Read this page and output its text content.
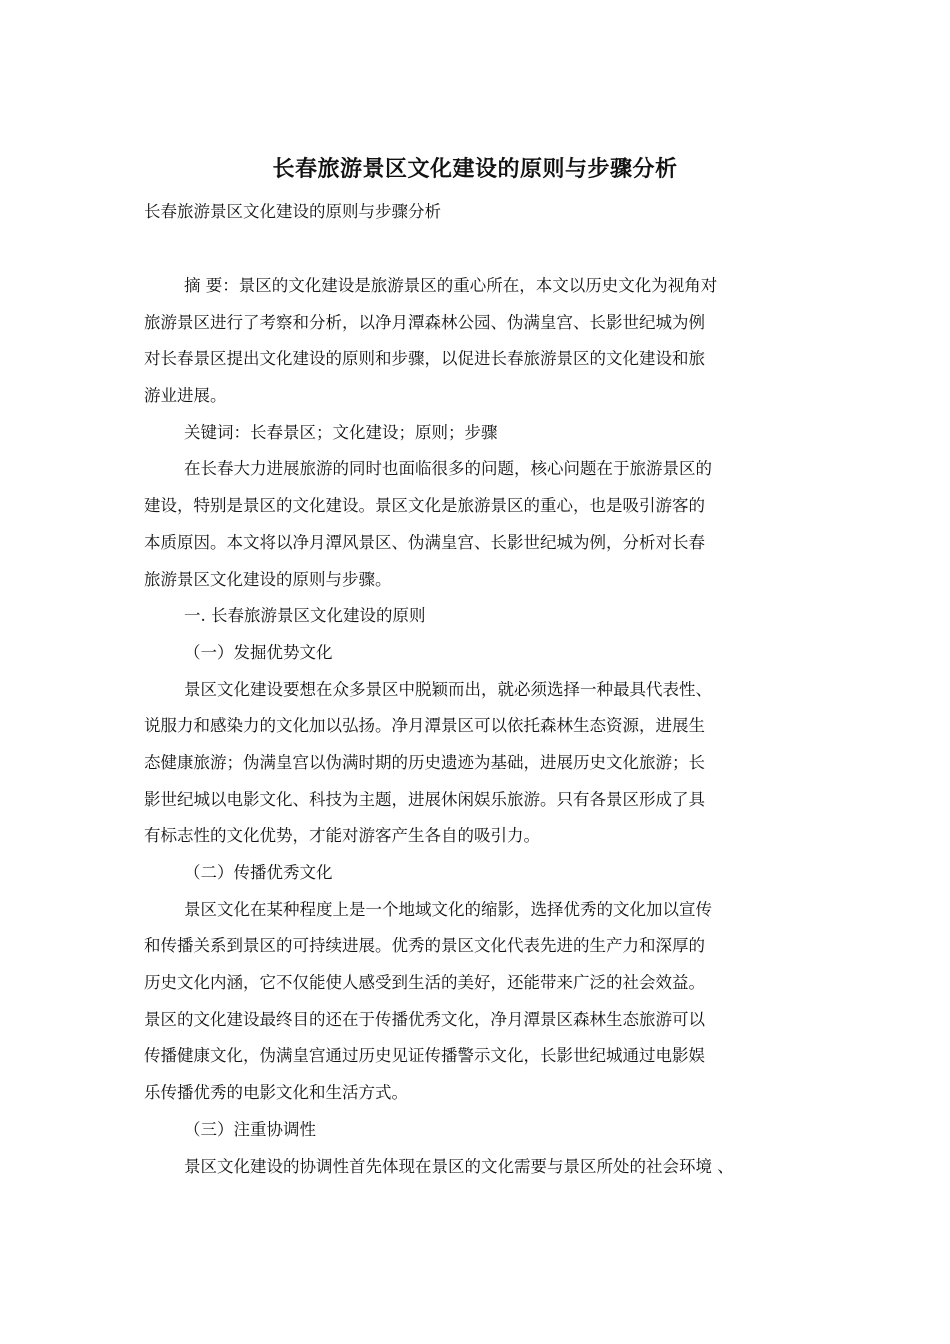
长春旅游景区文化建设的原则与步骤分析
长春旅游景区文化建设的原则与步骤分析
摘 要：景区的文化建设是旅游景区的重心所在，本文以历史文化为视角对
旅游景区进行了考察和分析，以净月潭森林公园、伪满皇宫、长影世纪城为例
对长春景区提出文化建设的原则和步骤，以促进长春旅游景区的文化建设和旅
游业进展。
关键词：长春景区；文化建设；原则；步骤
在长春大力进展旅游的同时也面临很多的问题，核心问题在于旅游景区的
建设，特别是景区的文化建设。景区文化是旅游景区的重心，也是吸引游客的
本质原因。本文将以净月潭风景区、伪满皇宫、长影世纪城为例，分析对长春
旅游景区文化建设的原则与步骤。
一. 长春旅游景区文化建设的原则
（一）发掘优势文化
景区文化建设要想在众多景区中脱颖而出，就必须选择一种最具代表性、
说服力和感染力的文化加以弘扬。净月潭景区可以依托森林生态资源，进展生
态健康旅游；伪满皇宫以伪满时期的历史遗迹为基础，进展历史文化旅游；长
影世纪城以电影文化、科技为主题，进展休闲娱乐旅游。只有各景区形成了具
有标志性的文化优势，才能对游客产生各自的吸引力。
（二）传播优秀文化
景区文化在某种程度上是一个地域文化的缩影，选择优秀的文化加以宣传
和传播关系到景区的可持续进展。优秀的景区文化代表先进的生产力和深厚的
历史文化内涵，它不仅能使人感受到生活的美好，还能带来广泛的社会效益。
景区的文化建设最终目的还在于传播优秀文化，净月潭景区森林生态旅游可以
传播健康文化，伪满皇宫通过历史见证传播警示文化，长影世纪城通过电影娱
乐传播优秀的电影文化和生活方式。
（三）注重协调性
景区文化建设的协调性首先体现在景区的文化需要与景区所处的社会环境 、
